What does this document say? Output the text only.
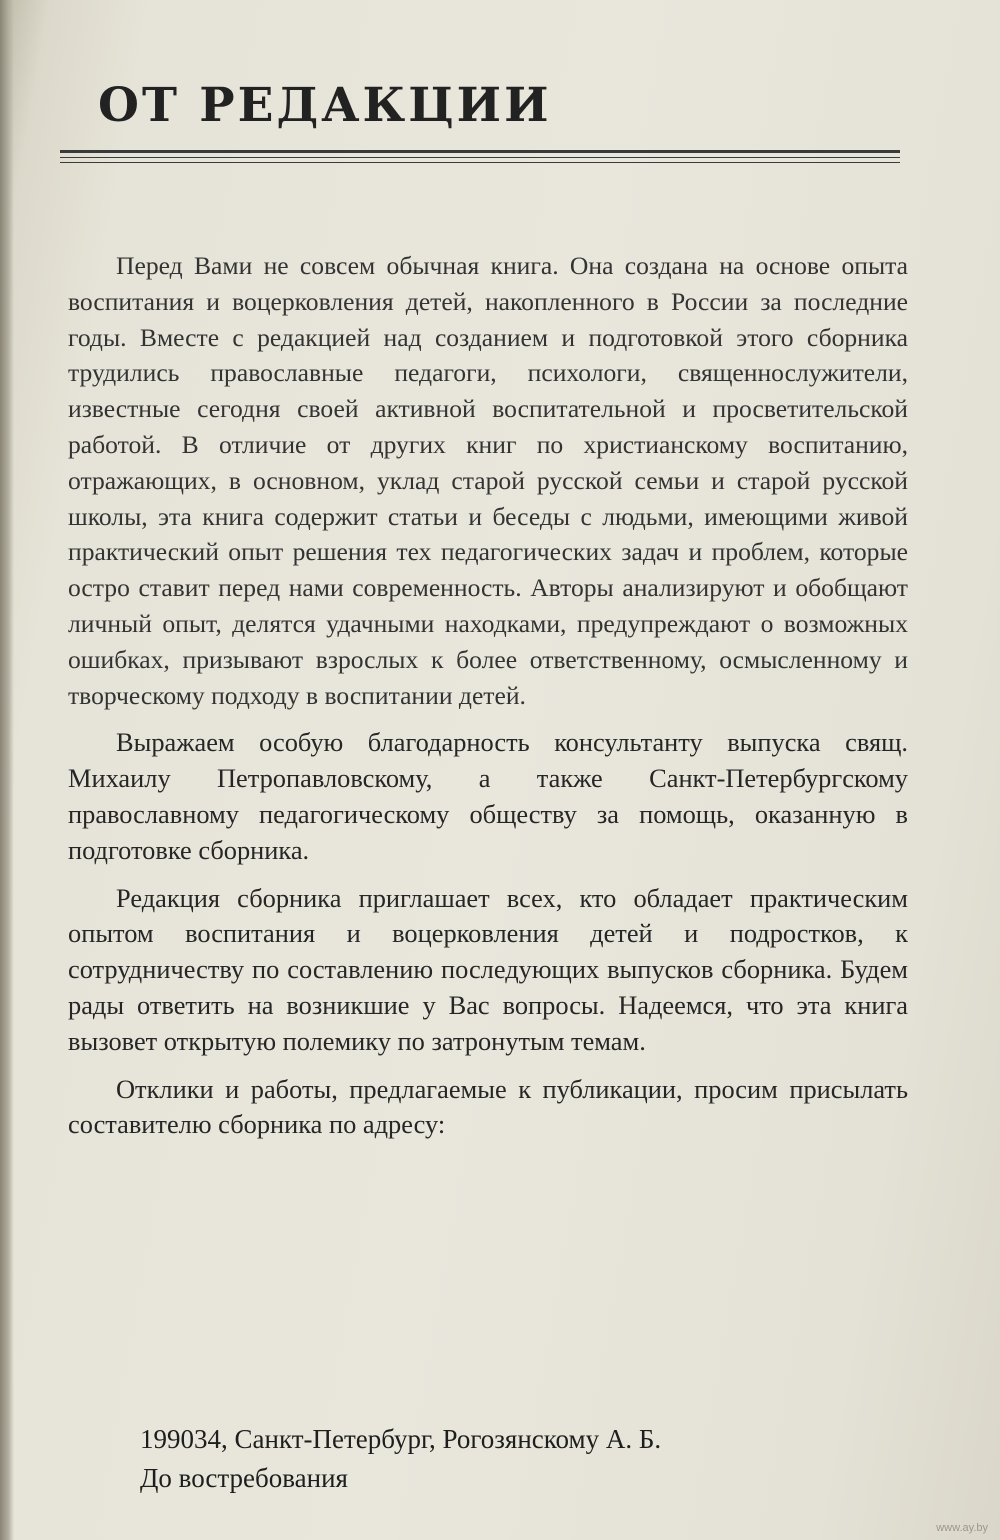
ОТ РЕДАКЦИИ

Перед Вами не совсем обычная книга. Она создана на основе опыта воспитания и воцерковления детей, накопленного в России за последние годы. Вместе с редакцией над созданием и подготовкой этого сборника трудились православные педагоги, психологи, священнослужители, известные сегодня своей активной воспитательной и просветительской работой. В отличие от других книг по христианскому воспитанию, отражающих, в основном, уклад старой русской семьи и старой русской школы, эта книга содержит статьи и беседы с людьми, имеющими живой практический опыт решения тех педагогических задач и проблем, которые остро ставит перед нами современность. Авторы анализируют и обобщают личный опыт, делятся удачными находками, предупреждают о возможных ошибках, призывают взрослых к более ответственному, осмысленному и творческому подходу в воспитании детей.

Выражаем особую благодарность консультанту выпуска свящ. Михаилу Петропавловскому, а также Санкт-Петербургскому православному педагогическому обществу за помощь, оказанную в подготовке сборника.

Редакция сборника приглашает всех, кто обладает практическим опытом воспитания и воцерковления детей и подростков, к сотрудничеству по составлению последующих выпусков сборника. Будем рады ответить на возникшие у Вас вопросы. Надеемся, что эта книга вызовет открытую полемику по затронутым темам.

Отклики и работы, предлагаемые к публикации, просим присылать составителю сборника по адресу:

199034, Санкт-Петербург, Рогозянскому А. Б.
До востребования
www.ay.by
